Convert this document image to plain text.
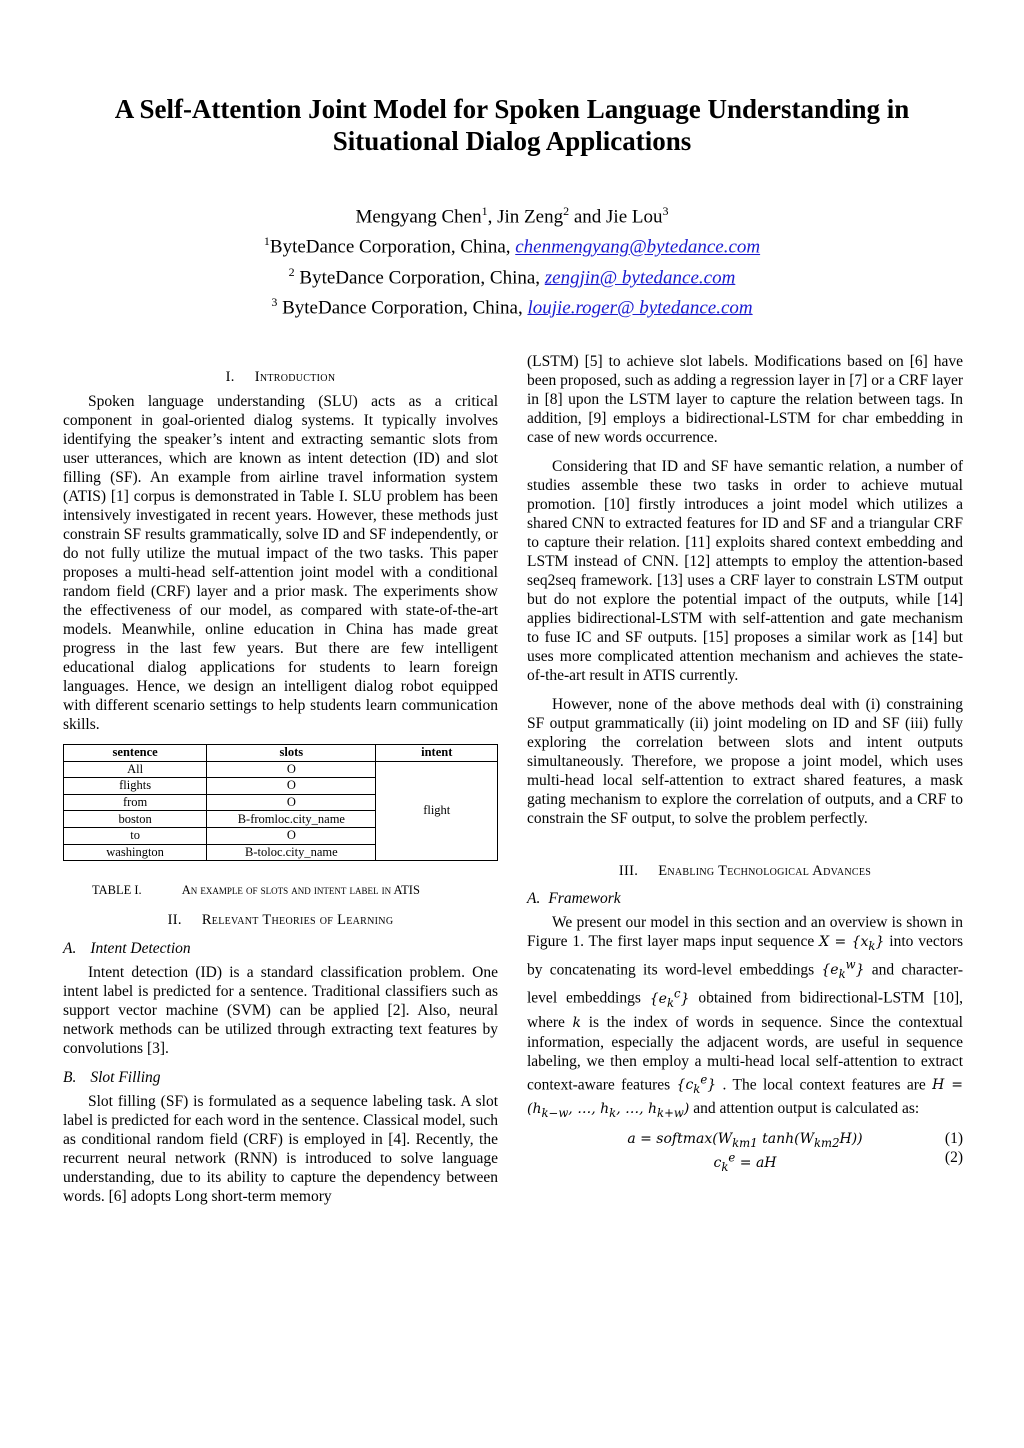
A Self-Attention Joint Model for Spoken Language Understanding in Situational Dialog Applications
Mengyang Chen$^1$, Jin Zeng$^2$ and Jie Lou$^3$
$^1$ByteDance Corporation, China, chenmengyang@bytedance.com
$^2$ ByteDance Corporation, China, zengjin@ bytedance.com
$^3$ ByteDance Corporation, China, loujie.roger@ bytedance.com
I. Introduction

Spoken language understanding (SLU) acts as a critical component in goal-oriented dialog systems. It typically involves identifying the speaker’s intent and extracting semantic slots from user utterances, which are known as intent detection (ID) and slot filling (SF). An example from airline travel information system (ATIS) [1] corpus is demonstrated in Table I. SLU problem has been intensively investigated in recent years. However, these methods just constrain SF results grammatically, solve ID and SF independently, or do not fully utilize the mutual impact of the two tasks. This paper proposes a multi-head self-attention joint model with a conditional random field (CRF) layer and a prior mask. The experiments show the effectiveness of our model, as compared with state-of-the-art models. Meanwhile, online education in China has made great progress in the last few years. But there are few intelligent educational dialog applications for students to learn foreign languages. Hence, we design an intelligent dialog robot equipped with different scenario settings to help students learn communication skills.

sentence	slots	intent
All	O	flight
flights	O	
from	O	
boston	B-fromloc.city_name	
to	O	
washington	B-toloc.city_name	
TABLE I.	An example of slots and intent label in ATIS
II. Relevant Theories of Learning
A. Intent Detection

Intent detection (ID) is a standard classification problem. One intent label is predicted for a sentence. Traditional classifiers such as support vector machine (SVM) can be applied [2]. Also, neural network methods can be utilized through extracting text features by convolutions [3].

B. Slot Filling

Slot filling (SF) is formulated as a sequence labeling task. A slot label is predicted for each word in the sentence. Classical model, such as conditional random field (CRF) is employed in [4]. Recently, the recurrent neural network (RNN) is introduced to solve language understanding, due to its ability to capture the dependency between words. [6] adopts Long short-term memory

(LSTM) [5] to achieve slot labels. Modifications based on [6] have been proposed, such as adding a regression layer in [7] or a CRF layer in [8] upon the LSTM layer to capture the relation between tags. In addition, [9] employs a bidirectional-LSTM for char embedding in case of new words occurrence.

Considering that ID and SF have semantic relation, a number of studies assemble these two tasks in order to achieve mutual promotion. [10] firstly introduces a joint model which utilizes a shared CNN to extracted features for ID and SF and a triangular CRF to capture their relation. [11] exploits shared context embedding and LSTM instead of CNN. [12] attempts to employ the attention-based seq2seq framework. [13] uses a CRF layer to constrain LSTM output but do not explore the potential impact of the outputs, while [14] applies bidirectional-LSTM with self-attention and gate mechanism to fuse IC and SF outputs. [15] proposes a similar work as [14] but uses more complicated attention mechanism and achieves the state-of-the-art result in ATIS currently.

However, none of the above methods deal with (i) constraining SF output grammatically (ii) joint modeling on ID and SF (iii) fully exploring the correlation between slots and intent outputs simultaneously. Therefore, we propose a joint model, which uses multi-head local self-attention to extract shared features, a mask gating mechanism to explore the correlation of outputs, and a CRF to constrain the SF output, to solve the problem perfectly.

III. Enabling Technological Advances
A. Framework

We present our model in this section and an overview is shown in Figure 1. The first layer maps input sequence $X = \{x_k\}$ into vectors by concatenating its word-level embeddings $\{e_k^w\}$ and character-level embeddings $\{e_k^c\}$ obtained from bidirectional-LSTM [10], where k is the index of words in sequence. Since the contextual information, especially the adjacent words, are useful in sequence labeling, we then employ a multi-head local self-attention to extract context-aware features $\{c_k^e\}$ . The local context features are $H = (h_{k-w}$, …, $h_k$, …, $h_{k+w}$) and attention output is calculated as:

$a = softmax(W_{km1}$ $\tanh(W_{km2}H)$)	(1)
$c_k^e$ = aH	(2)
